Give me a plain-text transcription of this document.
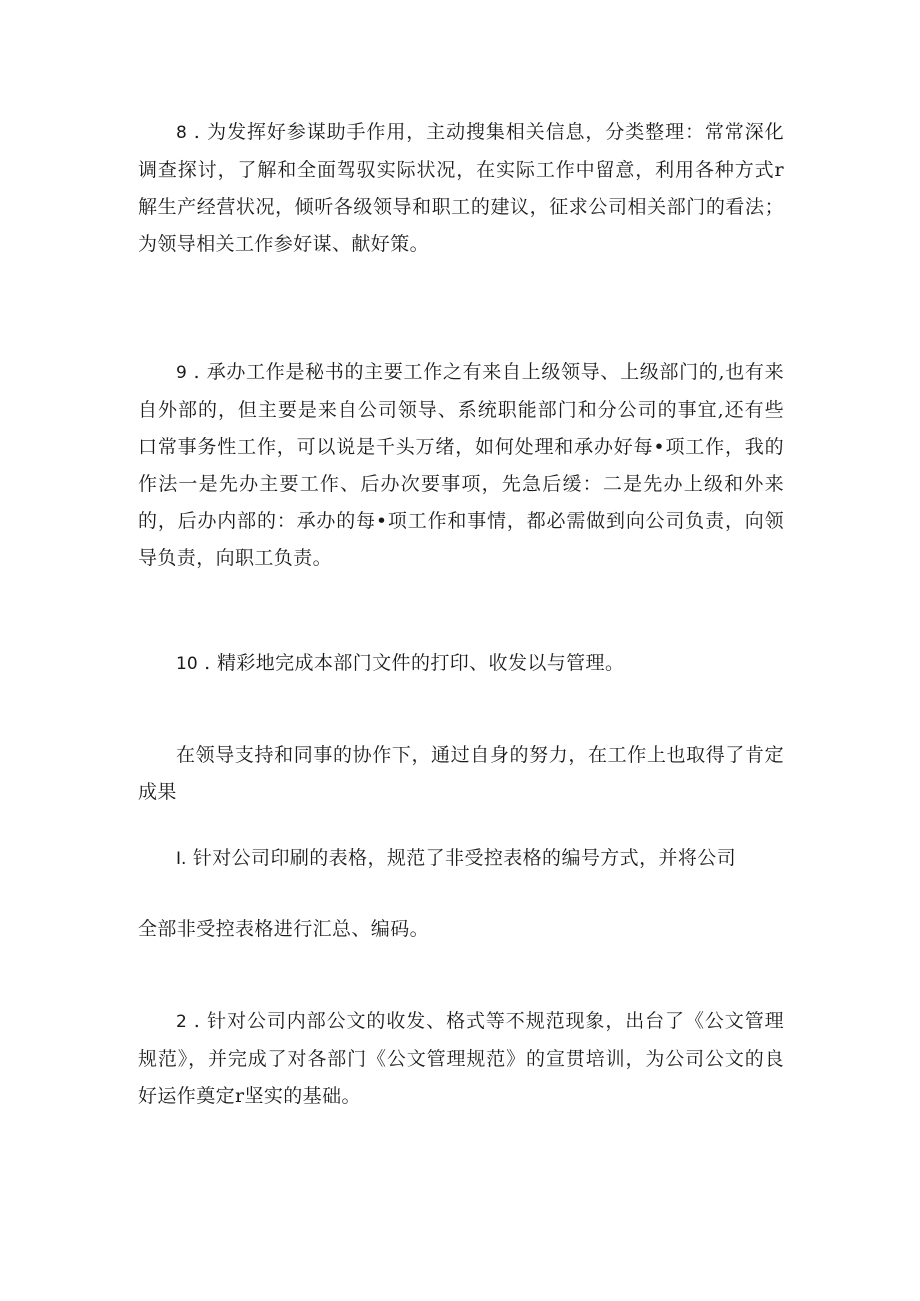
8 . 为发挥好参谋助手作用，主动搜集相关信息，分类整理：常常深化调查探讨，了解和全面驾驭实际状况，在实际工作中留意，利用各种方式r解生产经营状况，倾听各级领导和职工的建议，征求公司相关部门的看法；为领导相关工作参好谋、献好策。

9 . 承办工作是秘书的主要工作之有来自上级领导、上级部门的,也有来自外部的，但主要是来自公司领导、系统职能部门和分公司的事宜,还有些口常事务性工作，可以说是千头万绪，如何处理和承办好每•项工作，我的作法一是先办主要工作、后办次要事项，先急后缓：二是先办上级和外来的，后办内部的：承办的每•项工作和事情，都必需做到向公司负责，向领导负责，向职工负责。

10 . 精彩地完成本部门文件的打印、收发以与管理。

在领导支持和同事的协作下，通过自身的努力，在工作上也取得了肯定成果

I. 针对公司印刷的表格，规范了非受控表格的编号方式，并将公司

全部非受控表格进行汇总、编码。

2 . 针对公司内部公文的收发、格式等不规范现象，出台了《公文管理规范》，并完成了对各部门《公文管理规范》的宣贯培训，为公司公文的良好运作奠定r坚实的基础。
